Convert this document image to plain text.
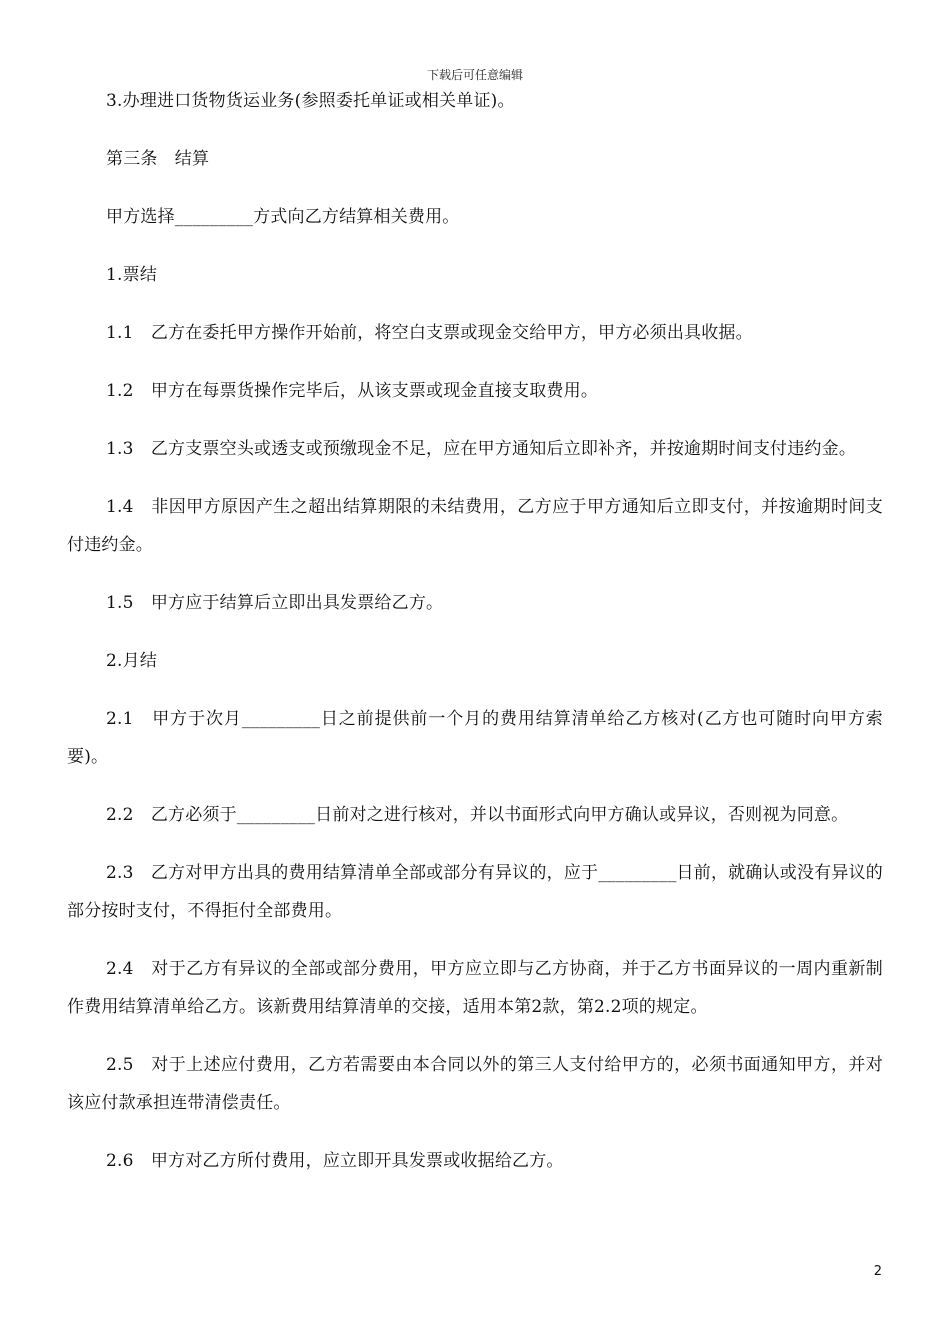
下载后可任意编辑

3.办理进口货物货运业务(参照委托单证或相关单证)。

第三条　结算

甲方选择_________方式向乙方结算相关费用。

1.票结

1.1　乙方在委托甲方操作开始前，将空白支票或现金交给甲方，甲方必须出具收据。

1.2　甲方在每票货操作完毕后，从该支票或现金直接支取费用。

1.3　乙方支票空头或透支或预缴现金不足，应在甲方通知后立即补齐，并按逾期时间支付违约金。

1.4　非因甲方原因产生之超出结算期限的未结费用，乙方应于甲方通知后立即支付，并按逾期时间支付违约金。

1.5　甲方应于结算后立即出具发票给乙方。

2.月结

2.1　甲方于次月_________日之前提供前一个月的费用结算清单给乙方核对(乙方也可随时向甲方索要)。

2.2　乙方必须于_________日前对之进行核对，并以书面形式向甲方确认或异议，否则视为同意。

2.3　乙方对甲方出具的费用结算清单全部或部分有异议的，应于_________日前，就确认或没有异议的部分按时支付，不得拒付全部费用。

2.4　对于乙方有异议的全部或部分费用，甲方应立即与乙方协商，并于乙方书面异议的一周内重新制作费用结算清单给乙方。该新费用结算清单的交接，适用本第2款，第2.2项的规定。

2.5　对于上述应付费用，乙方若需要由本合同以外的第三人支付给甲方的，必须书面通知甲方，并对该应付款承担连带清偿责任。

2.6　甲方对乙方所付费用，应立即开具发票或收据给乙方。

2
